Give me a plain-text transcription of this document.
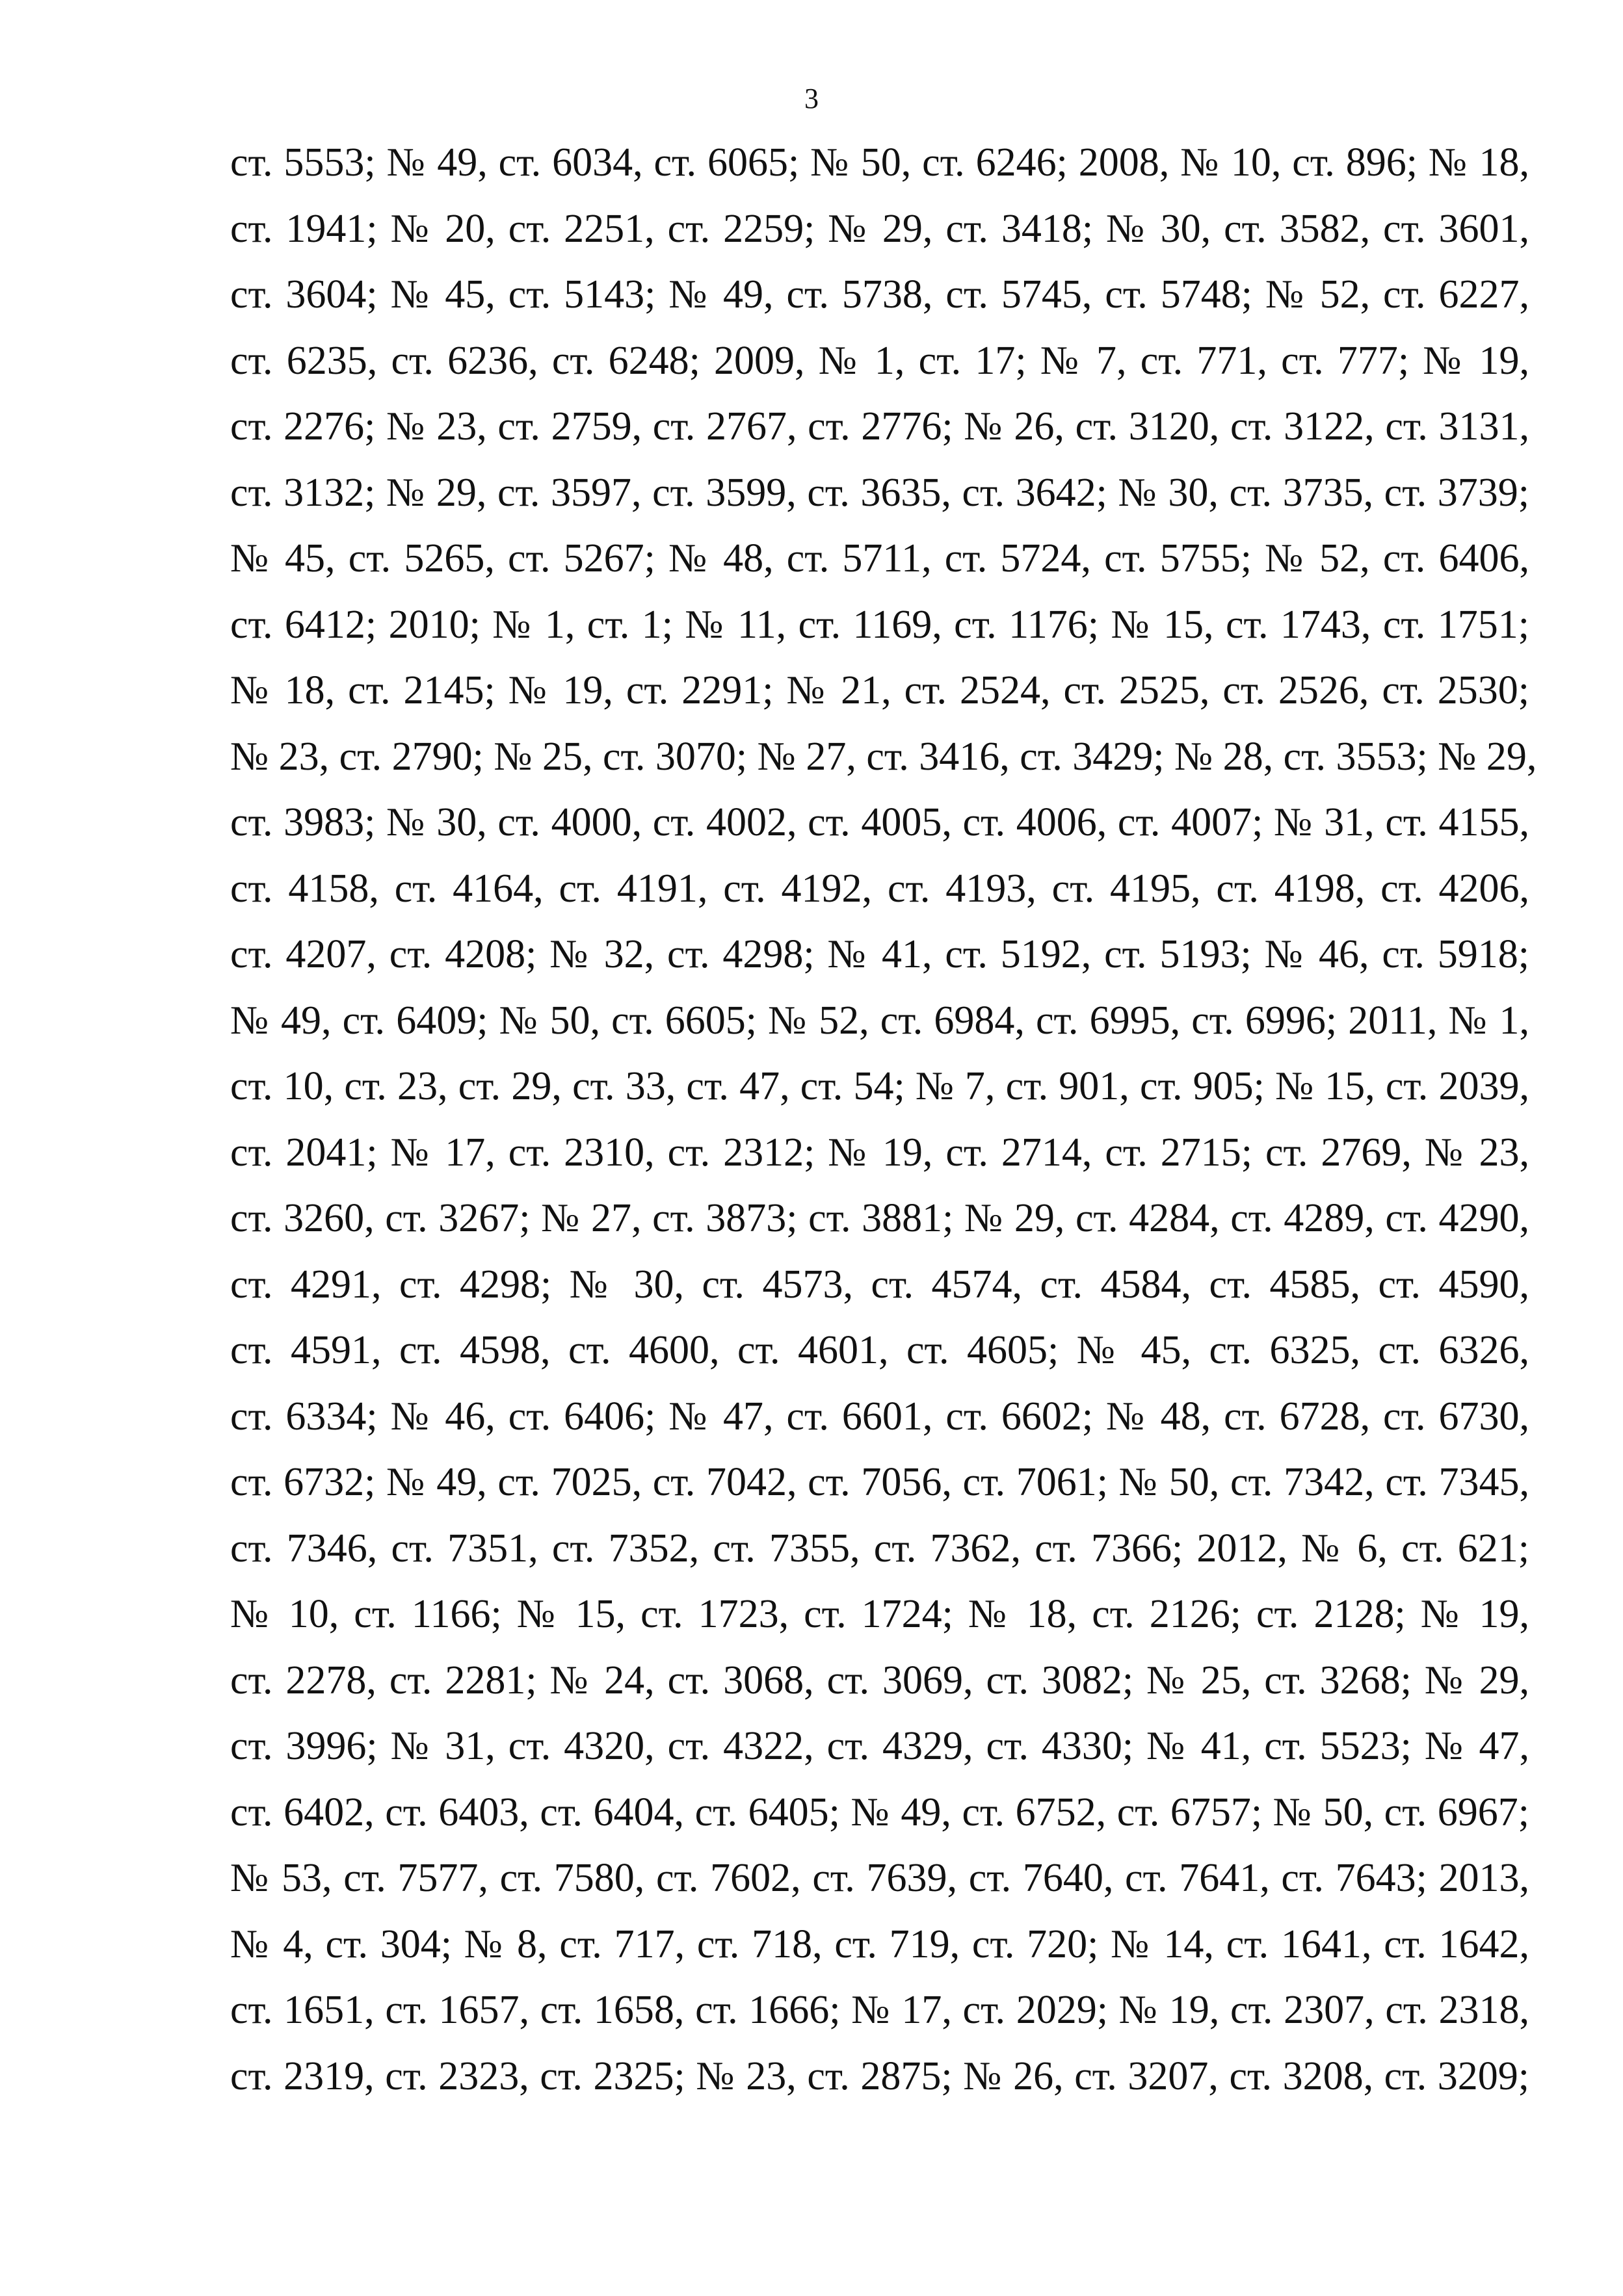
3
ст. 5553; № 49, ст. 6034, ст. 6065; № 50, ст. 6246; 2008, № 10, ст. 896; № 18,
ст. 1941; № 20, ст. 2251, ст. 2259; № 29, ст. 3418; № 30, ст. 3582, ст. 3601,
ст. 3604; № 45, ст. 5143; № 49, ст. 5738, ст. 5745, ст. 5748; № 52, ст. 6227,
ст. 6235, ст. 6236, ст. 6248; 2009, № 1, ст. 17; № 7, ст. 771, ст. 777; № 19,
ст. 2276; № 23, ст. 2759, ст. 2767, ст. 2776; № 26, ст. 3120, ст. 3122, ст. 3131,
ст. 3132; № 29, ст. 3597, ст. 3599, ст. 3635, ст. 3642; № 30, ст. 3735, ст. 3739;
№ 45, ст. 5265, ст. 5267; № 48, ст. 5711, ст. 5724, ст. 5755; № 52, ст. 6406,
ст. 6412; 2010; № 1, ст. 1; № 11, ст. 1169, ст. 1176; № 15, ст. 1743, ст. 1751;
№ 18, ст. 2145; № 19, ст. 2291; № 21, ст. 2524, ст. 2525, ст. 2526, ст. 2530;
№ 23, ст. 2790; № 25, ст. 3070; № 27, ст. 3416, ст. 3429; № 28, ст. 3553; № 29,
ст. 3983; № 30, ст. 4000, ст. 4002, ст. 4005, ст. 4006, ст. 4007; № 31, ст. 4155,
ст. 4158, ст. 4164, ст. 4191, ст. 4192, ст. 4193, ст. 4195, ст. 4198, ст. 4206,
ст. 4207, ст. 4208; № 32, ст. 4298; № 41, ст. 5192, ст. 5193; № 46, ст. 5918;
№ 49, ст. 6409; № 50, ст. 6605; № 52, ст. 6984, ст. 6995, ст. 6996; 2011, № 1,
ст. 10, ст. 23, ст. 29, ст. 33, ст. 47, ст. 54; № 7, ст. 901, ст. 905; № 15, ст. 2039,
ст. 2041; № 17, ст. 2310, ст. 2312; № 19, ст. 2714, ст. 2715; ст. 2769, № 23,
ст. 3260, ст. 3267; № 27, ст. 3873; ст. 3881; № 29, ст. 4284, ст. 4289, ст. 4290,
ст. 4291, ст. 4298; № 30, ст. 4573, ст. 4574, ст. 4584, ст. 4585, ст. 4590,
ст. 4591, ст. 4598, ст. 4600, ст. 4601, ст. 4605; № 45, ст. 6325, ст. 6326,
ст. 6334; № 46, ст. 6406; № 47, ст. 6601, ст. 6602; № 48, ст. 6728, ст. 6730,
ст. 6732; № 49, ст. 7025, ст. 7042, ст. 7056, ст. 7061; № 50, ст. 7342, ст. 7345,
ст. 7346, ст. 7351, ст. 7352, ст. 7355, ст. 7362, ст. 7366; 2012, № 6, ст. 621;
№ 10, ст. 1166; № 15, ст. 1723, ст. 1724; № 18, ст. 2126; ст. 2128; № 19,
ст. 2278, ст. 2281; № 24, ст. 3068, ст. 3069, ст. 3082; № 25, ст. 3268; № 29,
ст. 3996; № 31, ст. 4320, ст. 4322, ст. 4329, ст. 4330; № 41, ст. 5523; № 47,
ст. 6402, ст. 6403, ст. 6404, ст. 6405; № 49, ст. 6752, ст. 6757; № 50, ст. 6967;
№ 53, ст. 7577, ст. 7580, ст. 7602, ст. 7639, ст. 7640, ст. 7641, ст. 7643; 2013,
№ 4, ст. 304; № 8, ст. 717, ст. 718, ст. 719, ст. 720; № 14, ст. 1641, ст. 1642,
ст. 1651, ст. 1657, ст. 1658, ст. 1666; № 17, ст. 2029; № 19, ст. 2307, ст. 2318,
ст. 2319, ст. 2323, ст. 2325; № 23, ст. 2875; № 26, ст. 3207, ст. 3208, ст. 3209;
